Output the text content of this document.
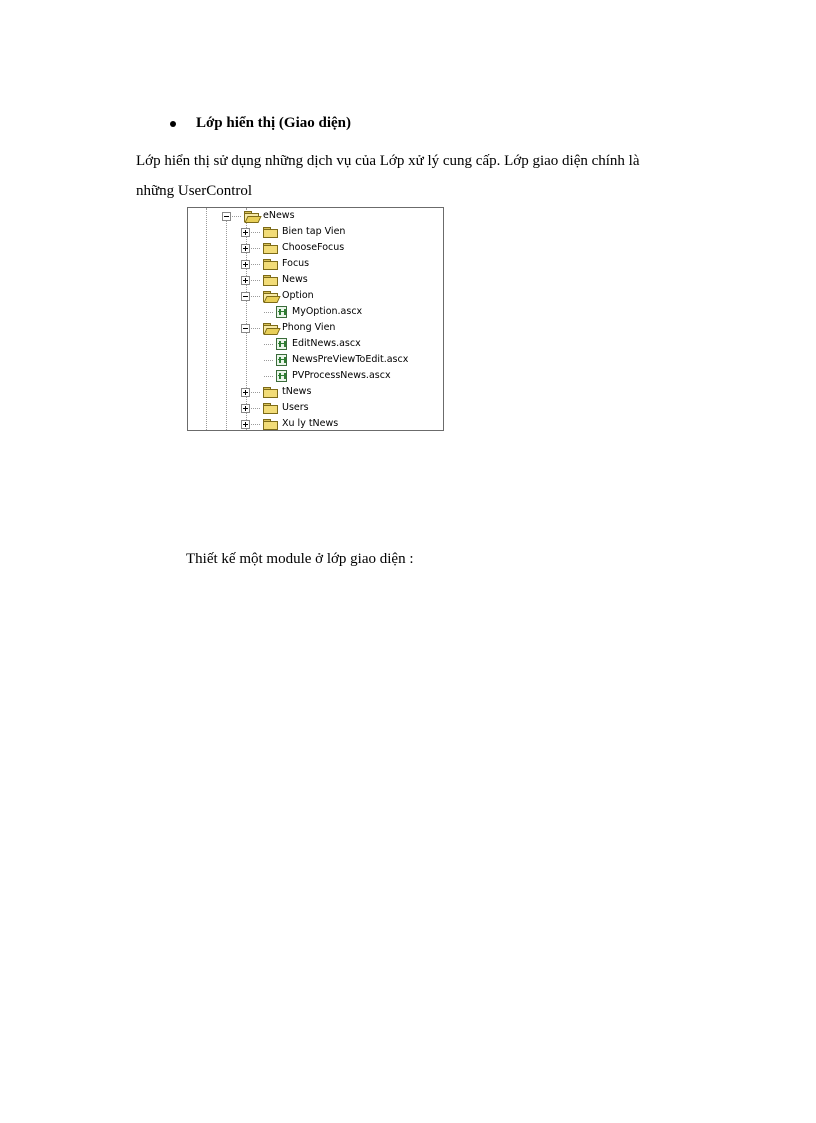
Lớp hiển thị (Giao diện)
Lớp hiển thị sử dụng những dịch vụ của Lớp xử lý cung cấp. Lớp giao diện chính là
những UserControl
eNews
Bien tap Vien
ChooseFocus
Focus
News
Option
MyOption.ascx
Phong Vien
EditNews.ascx
NewsPreViewToEdit.ascx
PVProcessNews.ascx
tNews
Users
Xu ly tNews
Thiết kế một module ở lớp giao diện :
